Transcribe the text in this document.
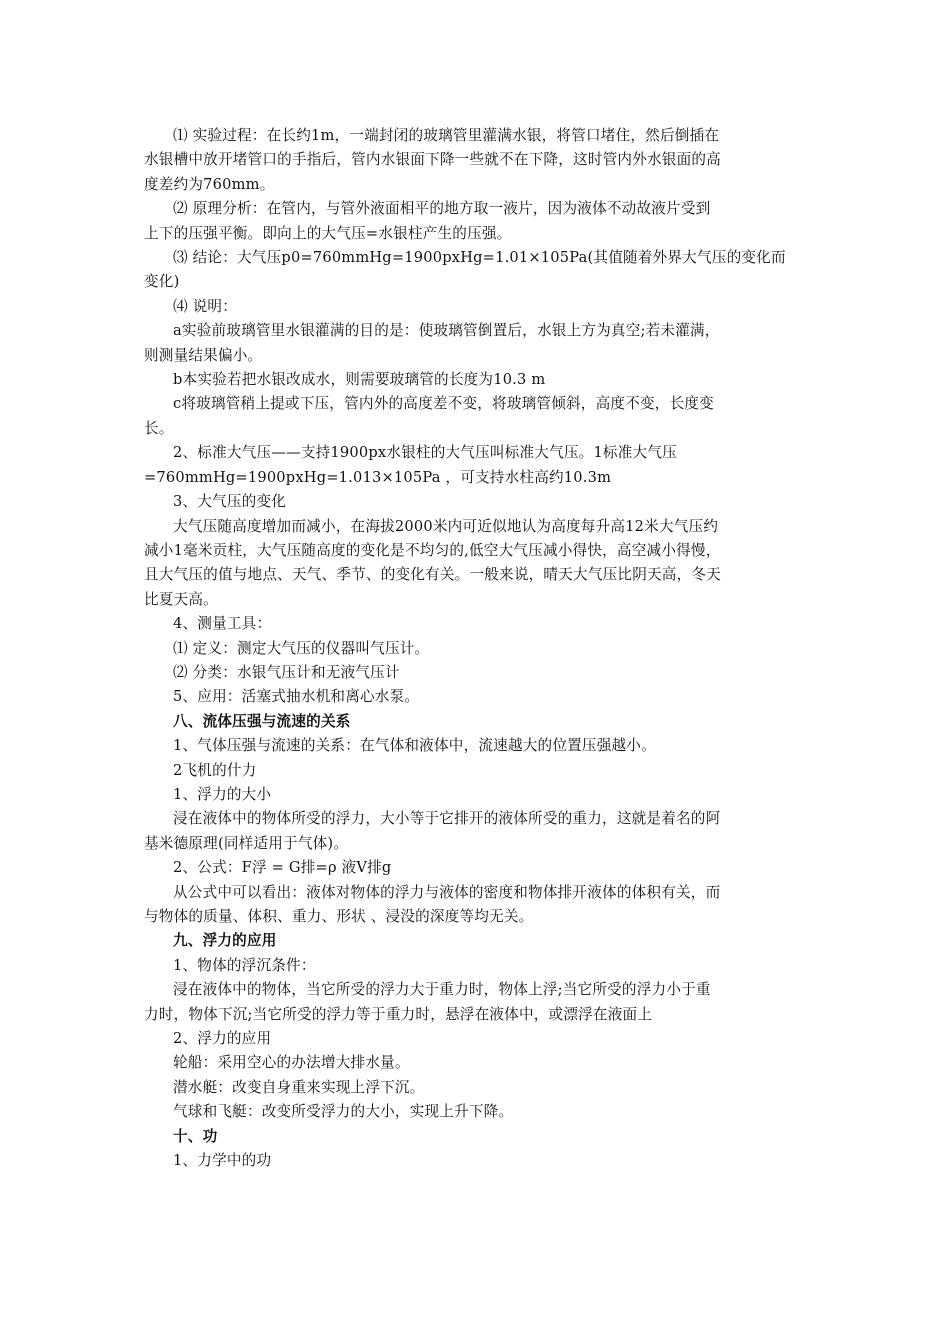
⑴ 实验过程：在长约1m，一端封闭的玻璃管里灌满水银，将管口堵住，然后倒插在
水银槽中放开堵管口的手指后，管内水银面下降一些就不在下降，这时管内外水银面的高
度差约为760mm。
⑵ 原理分析：在管内，与管外液面相平的地方取一液片，因为液体不动故液片受到
上下的压强平衡。即向上的大气压=水银柱产生的压强。
⑶ 结论：大气压p0=760mmHg=1900pxHg=1.01×105Pa(其值随着外界大气压的变化而
变化)
⑷ 说明：
a实验前玻璃管里水银灌满的目的是：使玻璃管倒置后，水银上方为真空;若未灌满，
则测量结果偏小。
b本实验若把水银改成水，则需要玻璃管的长度为10.3 m
c将玻璃管稍上提或下压，管内外的高度差不变，将玻璃管倾斜，高度不变，长度变
长。
2、标准大气压——支持1900px水银柱的大气压叫标准大气压。1标准大气压
=760mmHg=1900pxHg=1.013×105Pa ，可支持水柱高约10.3m
3、大气压的变化
大气压随高度增加而减小，在海拔2000米内可近似地认为高度每升高12米大气压约
减小1毫米贡柱，大气压随高度的变化是不均匀的,低空大气压减小得快，高空减小得慢，
且大气压的值与地点、天气、季节、的变化有关。一般来说，晴天大气压比阴天高，冬天
比夏天高。
4、测量工具：
⑴ 定义：测定大气压的仪器叫气压计。
⑵ 分类：水银气压计和无液气压计
5、应用：活塞式抽水机和离心水泵。
八、流体压强与流速的关系
1、气体压强与流速的关系：在气体和液体中，流速越大的位置压强越小。
2飞机的什力
1、浮力的大小
浸在液体中的物体所受的浮力，大小等于它排开的液体所受的重力，这就是着名的阿
基米德原理(同样适用于气体)。
2、公式：F浮 = G排=ρ 液V排g
从公式中可以看出：液体对物体的浮力与液体的密度和物体排开液体的体积有关，而
与物体的质量、体积、重力、形状 、浸没的深度等均无关。
九、浮力的应用
1、物体的浮沉条件：
浸在液体中的物体，当它所受的浮力大于重力时，物体上浮;当它所受的浮力小于重
力时，物体下沉;当它所受的浮力等于重力时，悬浮在液体中，或漂浮在液面上
2、浮力的应用
轮船：采用空心的办法增大排水量。
潜水艇：改变自身重来实现上浮下沉。
气球和飞艇：改变所受浮力的大小，实现上升下降。
十、功
1、力学中的功
